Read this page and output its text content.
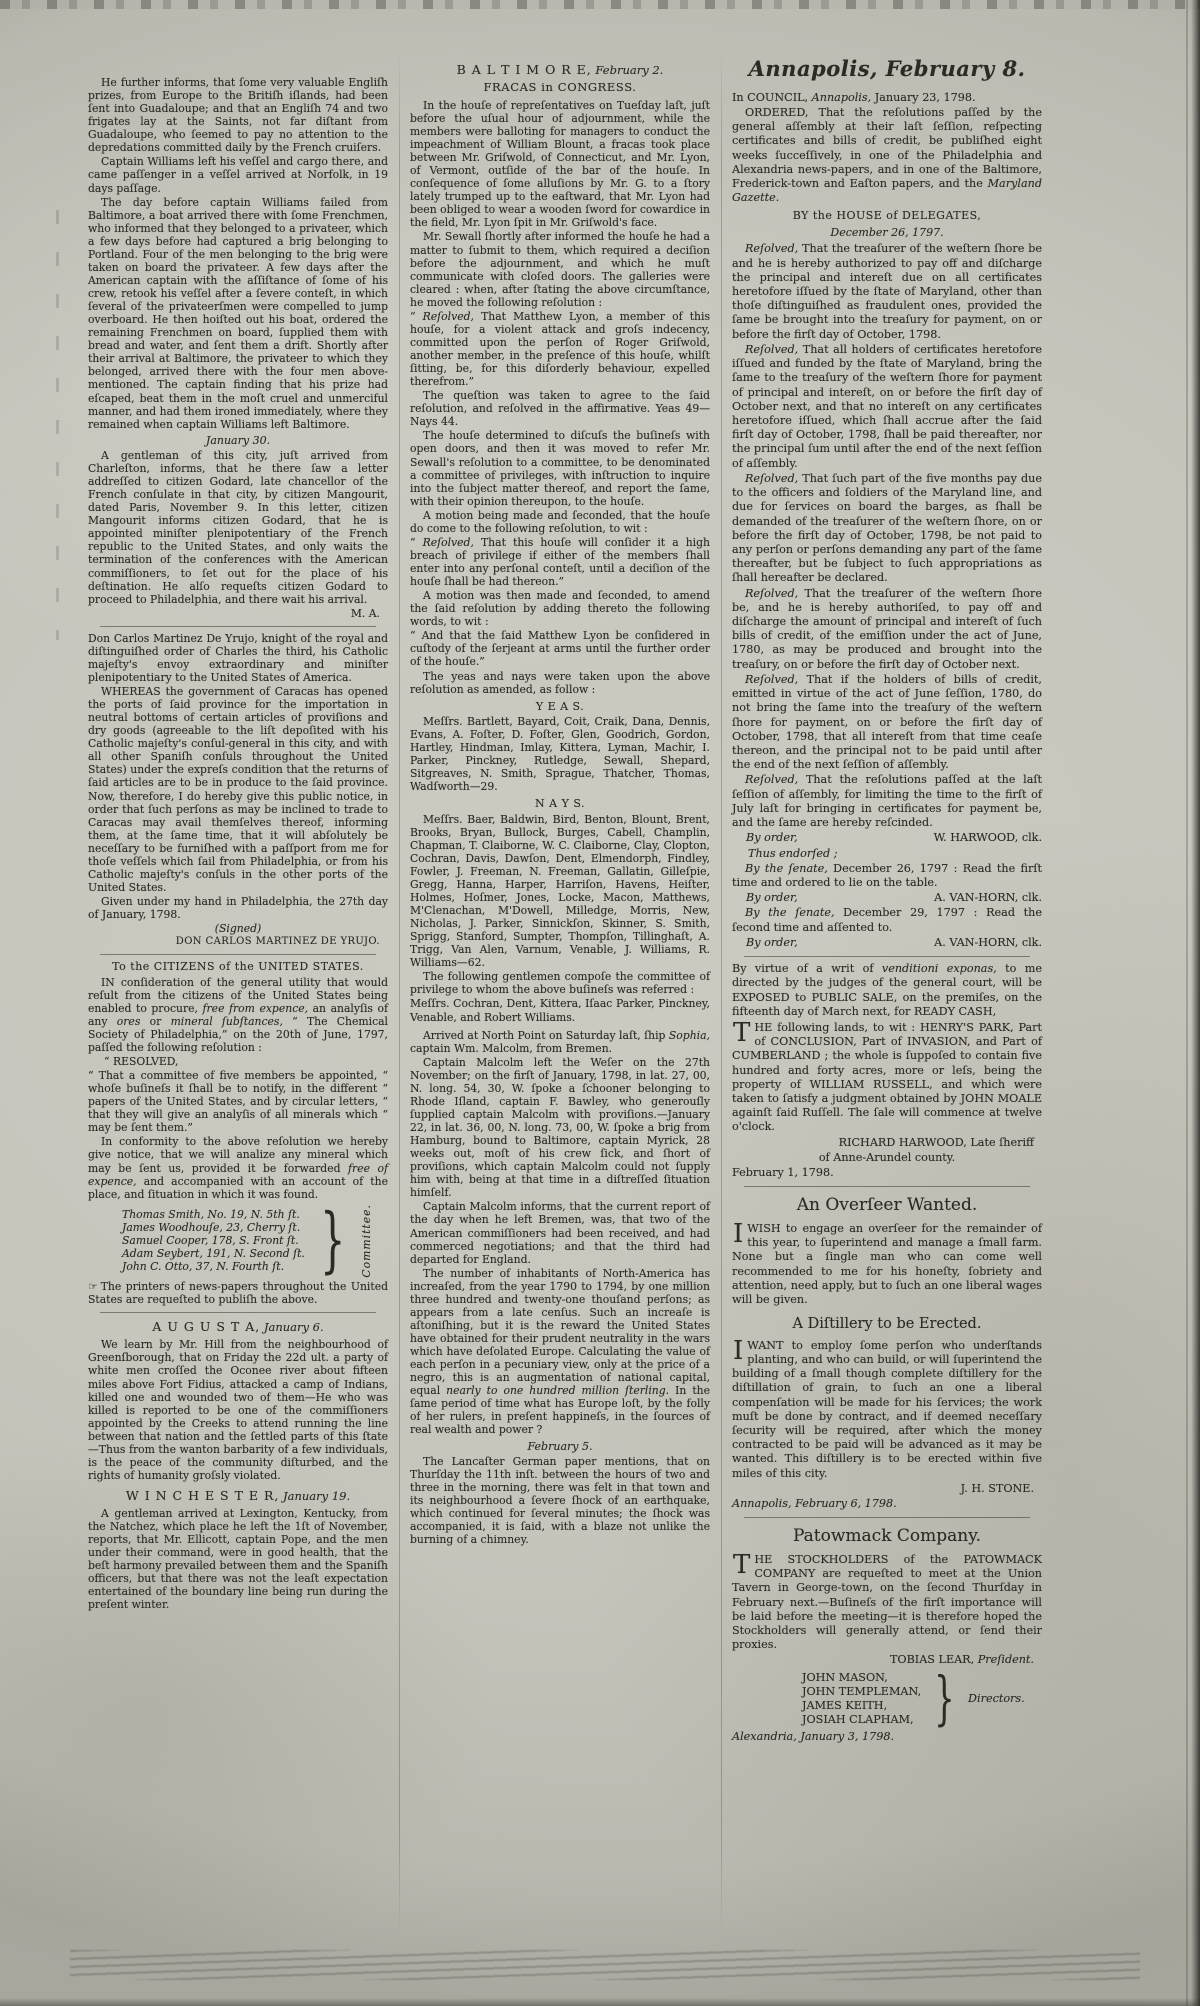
He further informs, that ſome very valuable Engliſh prizes, from Europe to the Britiſh iſlands, had been ſent into Guadaloupe; and that an Engliſh 74 and two frigates lay at the Saints, not far diſtant from Guadaloupe, who ſeemed to pay no attention to the depredations committed daily by the French cruiſers.

Captain Williams left his veſſel and cargo there, and came paſſenger in a veſſel arrived at Norfolk, in 19 days paſſage.

The day before captain Williams failed from Baltimore, a boat arrived there with ſome Frenchmen, who informed that they belonged to a privateer, which a few days before had captured a brig belonging to Portland. Four of the men belonging to the brig were taken on board the privateer. A few days after the American captain with the aſſiſtance of ſome of his crew, retook his veſſel after a ſevere conteſt, in which ſeveral of the privateerſmen were compelled to jump overboard. He then hoiſted out his boat, ordered the remaining Frenchmen on board, ſupplied them with bread and water, and ſent them a drift. Shortly after their arrival at Baltimore, the privateer to which they belonged, arrived there with the four men above-mentioned. The captain finding that his prize had eſcaped, beat them in the moſt cruel and unmerciful manner, and had them ironed immediately, where they remained when captain Williams left Baltimore.

January 30.

A gentleman of this city, juſt arrived from Charleſton, informs, that he there ſaw a letter addreſſed to citizen Godard, late chancellor of the French conſulate in that city, by citizen Mangourit, dated Paris, November 9. In this letter, citizen Mangourit informs citizen Godard, that he is appointed miniſter plenipotentiary of the French republic to the United States, and only waits the termination of the conferences with the American commiſſioners, to ſet out for the place of his deſtination. He alſo requeſts citizen Godard to proceed to Philadelphia, and there wait his arrival.

M. A.

Don Carlos Martinez De Yrujo, knight of the royal and diſtinguiſhed order of Charles the third, his Catholic majeſty's envoy extraordinary and miniſter plenipotentiary to the United States of America.

WHEREAS the government of Caracas has opened the ports of ſaid province for the importation in neutral bottoms of certain articles of proviſions and dry goods (agreeable to the liſt depoſited with his Catholic majeſty's conſul-general in this city, and with all other Spaniſh conſuls throughout the United States) under the expreſs condition that the returns of ſaid articles are to be in produce to the ſaid province. Now, therefore, I do hereby give this public notice, in order that ſuch perſons as may be inclined to trade to Caracas may avail themſelves thereof, informing them, at the ſame time, that it will abſolutely be neceſſary to be furniſhed with a paſſport from me for thoſe veſſels which ſail from Philadelphia, or from his Catholic majeſty's conſuls in the other ports of the United States.

Given under my hand in Philadelphia, the 27th day of January, 1798.

(Signed)
DON CARLOS MARTINEZ DE YRUJO.
To the CITIZENS of the UNITED STATES.

IN conſideration of the general utility that would reſult from the citizens of the United States being enabled to procure, free from expence, an analyſis of any ores or mineral ſubſtances, “ The Chemical Society of Philadelphia,” on the 20th of June, 1797, paſſed the following reſolution :

“ RESOLVED,

“ That a committee of five members be appointed, “ whoſe buſineſs it ſhall be to notify, in the different “ papers of the United States, and by circular letters, “ that they will give an analyſis of all minerals which “ may be ſent them.”

In conformity to the above reſolution we hereby give notice, that we will analize any mineral which may be ſent us, provided it be forwarded free of expence, and accompanied with an account of the place, and ſituation in which it was found.

Thomas Smith, No. 19, N. 5th ſt.
James Woodhouſe, 23, Cherry ſt.
Samuel Cooper, 178, S. Front ſt.
Adam Seybert, 191, N. Second ſt.
John C. Otto, 37, N. Fourth ſt. } Committee.

☞ The printers of news-papers throughout the United States are requeſted to publiſh the above.

A U G U S T A, January 6.

We learn by Mr. Hill from the neighbourhood of Greenſborough, that on Friday the 22d ult. a party of white men croſſed the Oconee river about fifteen miles above Fort Fidius, attacked a camp of Indians, killed one and wounded two of them—He who was killed is reported to be one of the commiſſioners appointed by the Creeks to attend running the line between that nation and the ſettled parts of this ſtate—Thus from the wanton barbarity of a few individuals, is the peace of the community diſturbed, and the rights of humanity groſsly violated.

W I N C H E S T E R, January 19.

A gentleman arrived at Lexington, Kentucky, from the Natchez, which place he left the 1ſt of November, reports, that Mr. Ellicott, captain Pope, and the men under their command, were in good health, that the beſt harmony prevailed between them and the Spaniſh officers, but that there was not the leaſt expectation entertained of the boundary line being run during the preſent winter.

B A L T I M O R E, February 2.
FRACAS in CONGRESS.

In the houſe of repreſentatives on Tueſday laſt, juſt before the uſual hour of adjournment, while the members were balloting for managers to conduct the impeachment of William Blount, a fracas took place between Mr. Griſwold, of Connecticut, and Mr. Lyon, of Vermont, outſide of the bar of the houſe. In conſequence of ſome alluſions by Mr. G. to a ſtory lately trumped up to the eaſtward, that Mr. Lyon had been obliged to wear a wooden ſword for cowardice in the field, Mr. Lyon ſpit in Mr. Griſwold's face.

Mr. Sewall ſhortly after informed the houſe he had a matter to ſubmit to them, which required a deciſion before the adjournment, and which he muſt communicate with cloſed doors. The galleries were cleared : when, after ſtating the above circumſtance, he moved the following reſolution :

“ Reſolved, That Matthew Lyon, a member of this houſe, for a violent attack and groſs indecency, committed upon the perſon of Roger Griſwold, another member, in the preſence of this houſe, whilſt ſitting, be, for this diſorderly behaviour, expelled therefrom.”

The queſtion was taken to agree to the ſaid reſolution, and reſolved in the affirmative. Yeas 49—Nays 44.

The houſe determined to diſcuſs the buſineſs with open doors, and then it was moved to refer Mr. Sewall's reſolution to a committee, to be denominated a committee of privileges, with inſtruction to inquire into the ſubject matter thereof, and report the ſame, with their opinion thereupon, to the houſe.

A motion being made and ſeconded, that the houſe do come to the following reſolution, to wit :

“ Reſolved, That this houſe will conſider it a high breach of privilege if either of the members ſhall enter into any perſonal conteſt, until a deciſion of the houſe ſhall be had thereon.”

A motion was then made and ſeconded, to amend the ſaid reſolution by adding thereto the following words, to wit :

“ And that the ſaid Matthew Lyon be conſidered in cuſtody of the ſerjeant at arms until the further order of the houſe.”

The yeas and nays were taken upon the above reſolution as amended, as follow :

Y E A S.

Meſſrs. Bartlett, Bayard, Coit, Craik, Dana, Dennis, Evans, A. Foſter, D. Foſter, Glen, Goodrich, Gordon, Hartley, Hindman, Imlay, Kittera, Lyman, Machir, I. Parker, Pinckney, Rutledge, Sewall, Shepard, Sitgreaves, N. Smith, Sprague, Thatcher, Thomas, Wadſworth—29.

N A Y S.

Meſſrs. Baer, Baldwin, Bird, Benton, Blount, Brent, Brooks, Bryan, Bullock, Burges, Cabell, Champlin, Chapman, T. Claiborne, W. C. Claiborne, Clay, Clopton, Cochran, Davis, Dawſon, Dent, Elmendorph, Findley, Fowler, J. Freeman, N. Freeman, Gallatin, Gilleſpie, Gregg, Hanna, Harper, Harriſon, Havens, Heiſter, Holmes, Hoſmer, Jones, Locke, Macon, Matthews, M'Clenachan, M'Dowell, Milledge, Morris, New, Nicholas, J. Parker, Sinnickſon, Skinner, S. Smith, Sprigg, Stanford, Sumpter, Thompſon, Tillinghaſt, A. Trigg, Van Alen, Varnum, Venable, J. Williams, R. Williams—62.

The following gentlemen compoſe the committee of privilege to whom the above buſineſs was referred :

Meſſrs. Cochran, Dent, Kittera, Iſaac Parker, Pinckney, Venable, and Robert Williams.

Arrived at North Point on Saturday laſt, ſhip Sophia, captain Wm. Malcolm, from Bremen.

Captain Malcolm left the Weſer on the 27th November; on the firſt of January, 1798, in lat. 27, 00, N. long. 54, 30, W. ſpoke a ſchooner belonging to Rhode Iſland, captain F. Bawley, who generouſly ſupplied captain Malcolm with proviſions.—January 22, in lat. 36, 00, N. long. 73, 00, W. ſpoke a brig from Hamburg, bound to Baltimore, captain Myrick, 28 weeks out, moſt of his crew ſick, and ſhort of proviſions, which captain Malcolm could not ſupply him with, being at that time in a diſtreſſed ſituation himſelf.

Captain Malcolm informs, that the current report of the day when he left Bremen, was, that two of the American commiſſioners had been received, and had commerced negotiations; and that the third had departed for England.

The number of inhabitants of North-America has increaſed, from the year 1790 to 1794, by one million three hundred and twenty-one thouſand perſons; as appears from a late cenſus. Such an increaſe is aſtoniſhing, but it is the reward the United States have obtained for their prudent neutrality in the wars which have deſolated Europe. Calculating the value of each perſon in a pecuniary view, only at the price of a negro, this is an augmentation of national capital, equal nearly to one hundred million ſterling. In the ſame period of time what has Europe loſt, by the folly of her rulers, in preſent happineſs, in the ſources of real wealth and power ?

February 5.

The Lancaſter German paper mentions, that on Thurſday the 11th inſt. between the hours of two and three in the morning, there was felt in that town and its neighbourhood a ſevere ſhock of an earthquake, which continued for ſeveral minutes; the ſhock was accompanied, it is ſaid, with a blaze not unlike the burning of a chimney.

Annapolis, February 8.

In COUNCIL, Annapolis, January 23, 1798.

ORDERED, That the reſolutions paſſed by the general aſſembly at their laſt ſeſſion, reſpecting certificates and bills of credit, be publiſhed eight weeks ſucceſſively, in one of the Philadelphia and Alexandria news-papers, and in one of the Baltimore, Frederick-town and Eaſton papers, and the Maryland Gazette.

BY the HOUSE of DELEGATES,
December 26, 1797.

Reſolved, That the treaſurer of the weſtern ſhore be and he is hereby authorized to pay off and diſcharge the principal and intereſt due on all certificates heretofore iſſued by the ſtate of Maryland, other than thoſe diſtinguiſhed as fraudulent ones, provided the ſame be brought into the treaſury for payment, on or before the firſt day of October, 1798.

Reſolved, That all holders of certificates heretofore iſſued and funded by the ſtate of Maryland, bring the ſame to the treaſury of the weſtern ſhore for payment of principal and intereſt, on or before the firſt day of October next, and that no intereſt on any certificates heretofore iſſued, which ſhall accrue after the ſaid firſt day of October, 1798, ſhall be paid thereafter, nor the principal ſum until after the end of the next ſeſſion of aſſembly.

Reſolved, That ſuch part of the five months pay due to the officers and ſoldiers of the Maryland line, and due for ſervices on board the barges, as ſhall be demanded of the treaſurer of the weſtern ſhore, on or before the firſt day of October, 1798, be not paid to any perſon or perſons demanding any part of the ſame thereafter, but be ſubject to ſuch appropriations as ſhall hereafter be declared.

Reſolved, That the treaſurer of the weſtern ſhore be, and he is hereby authoriſed, to pay off and diſcharge the amount of principal and intereſt of ſuch bills of credit, of the emiſſion under the act of June, 1780, as may be produced and brought into the treaſury, on or before the firſt day of October next.

Reſolved, That if the holders of bills of credit, emitted in virtue of the act of June ſeſſion, 1780, do not bring the ſame into the treaſury of the weſtern ſhore for payment, on or before the firſt day of October, 1798, that all intereſt from that time ceaſe thereon, and the principal not to be paid until after the end of the next ſeſſion of aſſembly.

Reſolved, That the reſolutions paſſed at the laſt ſeſſion of aſſembly, for limiting the time to the firſt of July laſt for bringing in certificates for payment be, and the ſame are hereby reſcinded.

By order,	W. HARWOOD, clk.
Thus endorſed ;

By the ſenate, December 26, 1797 : Read the firſt time and ordered to lie on the table.

By order,	A. VAN-HORN, clk.

By the ſenate, December 29, 1797 : Read the ſecond time and aſſented to.

By order,	A. VAN-HORN, clk.

By virtue of a writ of venditioni exponas, to me directed by the judges of the general court, will be EXPOSED to PUBLIC SALE, on the premiſes, on the fifteenth day of March next, for READY CASH,

THE following lands, to wit : HENRY'S PARK, Part of CONCLUSION, Part of INVASION, and Part of CUMBERLAND ; the whole is ſuppoſed to contain five hundred and forty acres, more or leſs, being the property of WILLIAM RUSSELL, and which were taken to ſatisfy a judgment obtained by JOHN MOALE againſt ſaid Ruſſell. The ſale will commence at twelve o'clock.

RICHARD HARWOOD, Late ſheriff
of Anne-Arundel county.

February 1, 1798.

An Overſeer Wanted.

IWISH to engage an overſeer for the remainder of this year, to ſuperintend and manage a ſmall farm. None but a ſingle man who can come well recommended to me for his honeſty, ſobriety and attention, need apply, but to ſuch an one liberal wages will be given.

A Diſtillery to be Erected.

IWANT to employ ſome perſon who underſtands planting, and who can build, or will ſuperintend the building of a ſmall though complete diſtillery for the diſtillation of grain, to ſuch an one a liberal compenſation will be made for his ſervices; the work muſt be done by contract, and if deemed neceſſary ſecurity will be required, after which the money contracted to be paid will be advanced as it may be wanted. This diſtillery is to be erected within five miles of this city.

J. H. STONE.

Annapolis, February 6, 1798.

Patowmack Company.

THE STOCKHOLDERS of the PATOWMACK COMPANY are requeſted to meet at the Union Tavern in George-town, on the ſecond Thurſday in February next.—Buſineſs of the firſt importance will be laid before the meeting—it is therefore hoped the Stockholders will generally attend, or ſend their proxies.

TOBIAS LEAR, Preſident.
JOHN MASON,
JOHN TEMPLEMAN,
JAMES KEITH,
JOSIAH CLAPHAM, } Directors.

Alexandria, January 3, 1798.
